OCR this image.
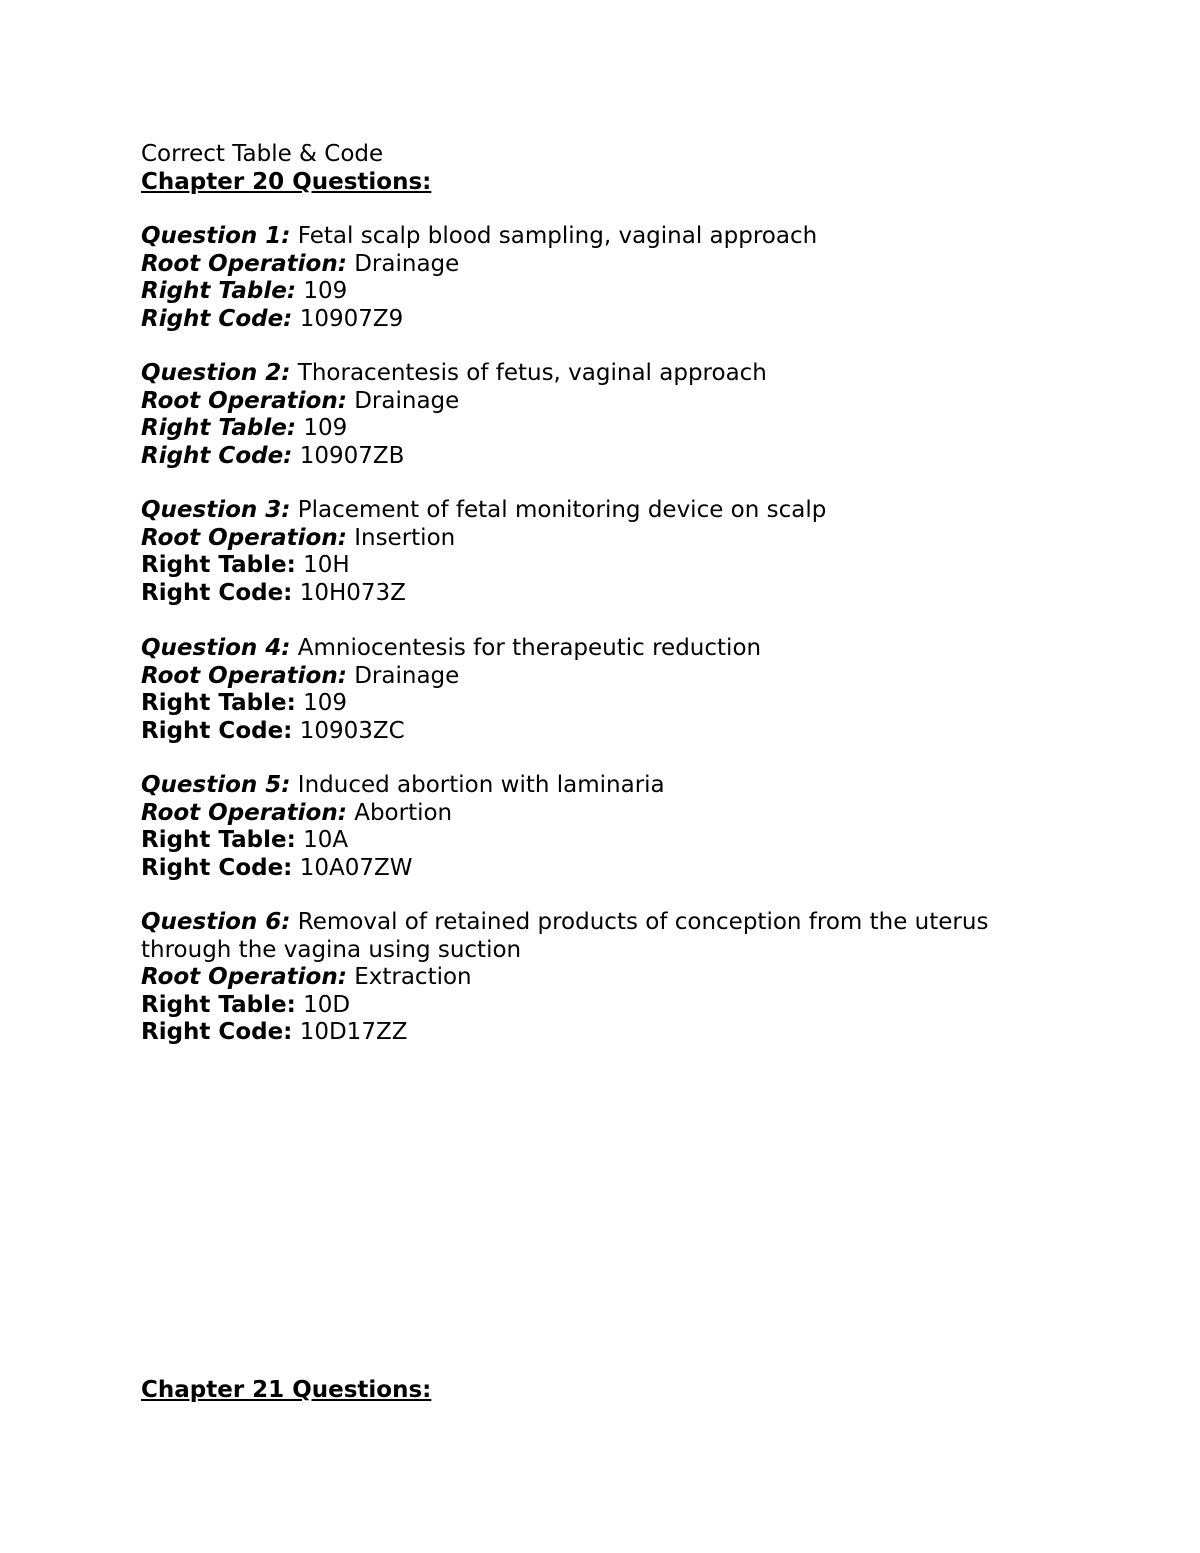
Correct Table & Code
Chapter 20 Questions:
Question 1: Fetal scalp blood sampling, vaginal approach
Root Operation: Drainage
Right Table: 109
Right Code: 10907Z9
Question 2: Thoracentesis of fetus, vaginal approach
Root Operation: Drainage
Right Table: 109
Right Code: 10907ZB
Question 3: Placement of fetal monitoring device on scalp
Root Operation: Insertion
Right Table: 10H
Right Code: 10H073Z
Question 4: Amniocentesis for therapeutic reduction
Root Operation: Drainage
Right Table: 109
Right Code: 10903ZC
Question 5: Induced abortion with laminaria
Root Operation: Abortion
Right Table: 10A
Right Code: 10A07ZW
Question 6: Removal of retained products of conception from the uterus through the vagina using suction
Root Operation: Extraction
Right Table: 10D
Right Code: 10D17ZZ
Chapter 21 Questions:
